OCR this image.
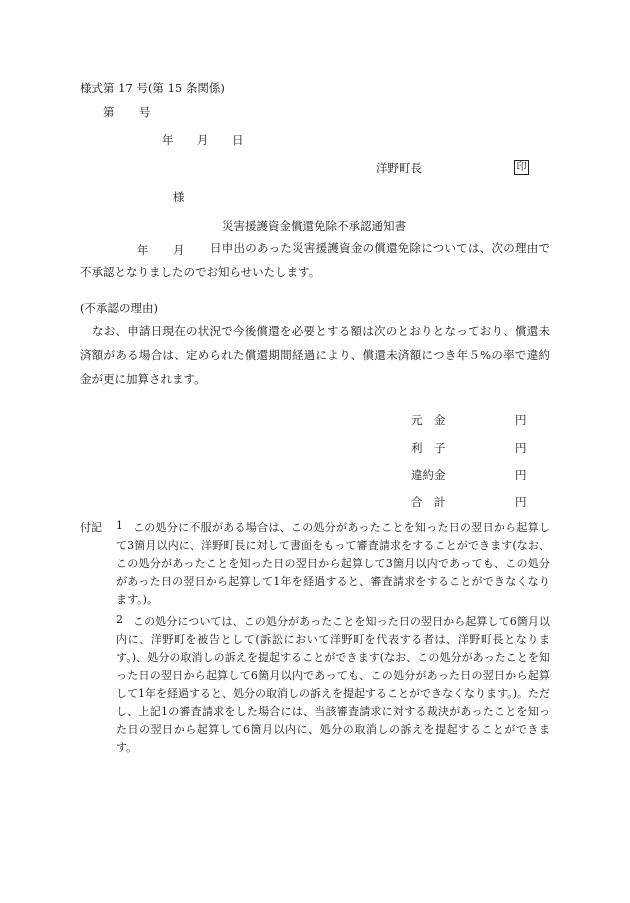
様式第 17 号(第 15 条関係)
第 号
年 月 日
洋野町長	印
様
災害援護資金償還免除不承認通知書
年 月	日申出のあった災害援護資金の償還免除については、次の理由で不承認となりましたのでお知らせいたします。
(不承認の理由)
なお、申請日現在の状況で今後償還を必要とする額は次のとおりとなっており、償還未済額がある場合は、定められた償還期間経過により、償還未済額につき年５%の率で違約金が更に加算されます。
元　金	円
利　子	円
違約金	円
合　計	円
付記 1 この処分に不服がある場合は、この処分があったことを知った日の翌日から起算して3箇月以内に、洋野町長に対して書面をもって審査請求をすることができます(なお、この処分があったことを知った日の翌日から起算して3箇月以内であっても、この処分があった日の翌日から起算して1年を経過すると、審査請求をすることができなくなります。)。
2 この処分については、この処分があったことを知った日の翌日から起算して6箇月以内に、洋野町を被告として(訴訟において洋野町を代表する者は、洋野町長となります。)、処分の取消しの訴えを提起することができます(なお、この処分があったことを知った日の翌日から起算して6箇月以内であっても、この処分があった日の翌日から起算して1年を経過すると、処分の取消しの訴えを提起することができなくなります。)。ただし、上記1の審査請求をした場合には、当該審査請求に対する裁決があったことを知った日の翌日から起算して6箇月以内に、処分の取消しの訴えを提起することができます。
